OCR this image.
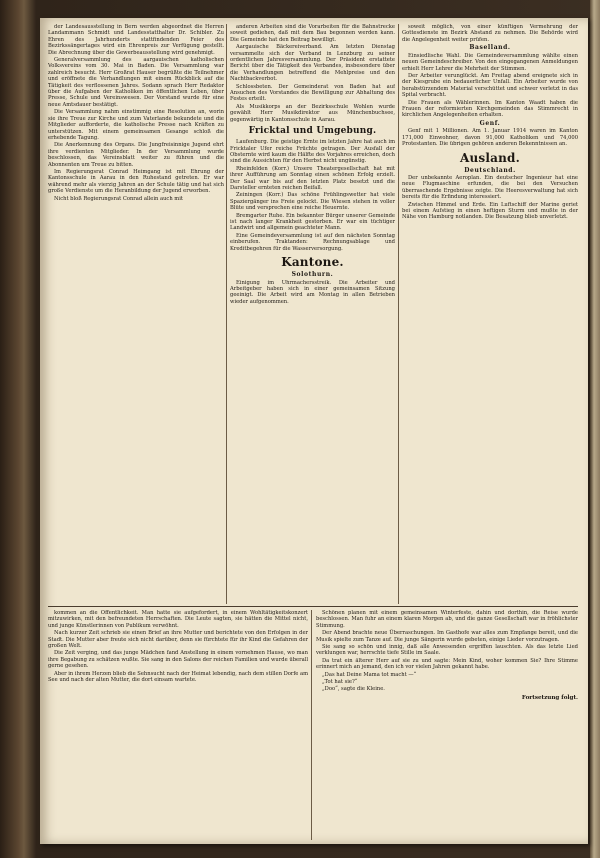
der Landesausstellung in Bern werden abgeordnet die Herren Landammann Schmidt und Landesstatthalter Dr. Schibler. Zu Ehren des Jahrhunderts stattfindenden Feier des Bezirkssängertages wird ein Ehrenpreis zur Verfügung gestellt. Die Abrechnung über die Gewerbeausstellung wird genehmigt.

Generalversammlung des aargauischen katholischen Volksvereins vom 30. Mai in Baden. Die Versammlung war zahlreich besucht. Herr Großrat Hauser begrüßte die Teilnehmer und eröffnete die Verhandlungen mit einem Rückblick auf die Tätigkeit des verflossenen Jahres. Sodann sprach Herr Redaktor über die Aufgaben der Katholiken im öffentlichen Leben, über Presse, Schule und Vereinswesen. Der Vorstand wurde für eine neue Amtsdauer bestätigt.

Die Versammlung nahm einstimmig eine Resolution an, worin sie ihre Treue zur Kirche und zum Vaterlande bekundete und die Mitglieder aufforderte, die katholische Presse nach Kräften zu unterstützen. Mit einem gemeinsamen Gesange schloß die erhebende Tagung.

Die Anerkennung des Organs. Die Jungfreisinnige Jugend ehrt ihre verdienten Mitglieder. In der Versammlung wurde beschlossen, das Vereinsblatt weiter zu führen und die Abonnenten um Treue zu bitten.

Im Regierungsrat Conrad Heimgang ist mit Ehrung der Kantonsschule in Aarau in den Ruhestand getreten. Er war während mehr als vierzig Jahren an der Schule tätig und hat sich große Verdienste um die Heranbildung der Jugend erworben.

Nicht bloß Regierungsrat Conrad allein auch mit

anderen Arbeiten sind die Vorarbeiten für die Bahnstrecke soweit gediehen, daß mit dem Bau begonnen werden kann. Die Gemeinde hat den Beitrag bewilligt.

Aargauische Bäckereiverband. Am letzten Dienstag versammelte sich der Verband in Lenzburg zu seiner ordentlichen Jahresversammlung. Der Präsident erstattete Bericht über die Tätigkeit des Verbandes, insbesondere über die Verhandlungen betreffend die Mehlpreise und den Nachtbackverbot.

Schlossbeten. Der Gemeinderat von Baden hat auf Ansuchen des Vorstandes die Bewilligung zur Abhaltung des Festes erteilt.

Als Musikkorps an der Bezirksschule Wohlen wurde gewählt Herr Musikdirektor aus Münchenbuchsee, gegenwärtig in Kantonsschule in Aarau.

Fricktal und Umgebung.

Laufenburg. Die geistige Ernte im letzten Jahre hat auch im Fricktaler Ufer reiche Früchte getragen. Der Ausfall der Obsternte wird kaum die Hälfte des Vorjahres erreichen, doch sind die Aussichten für den Herbst nicht ungünstig.

Rheinfelden (Korr.) Unsere Theatergesellschaft hat mit ihrer Aufführung am Sonntag einen schönen Erfolg erzielt. Der Saal war bis auf den letzten Platz besetzt und die Darsteller ernteten reichen Beifall.

Zeiningen (Korr.) Das schöne Frühlingswetter hat viele Spaziergänger ins Freie gelockt. Die Wiesen stehen in voller Blüte und versprechen eine reiche Heuernte.

Bremgarter Ruhe. Ein bekannter Bürger unserer Gemeinde ist nach langer Krankheit gestorben. Er war ein tüchtiger Landwirt und allgemein geachteter Mann.

Eine Gemeindeversammlung ist auf den nächsten Sonntag einberufen. Traktanden: Rechnungsablage und Kreditbegehren für die Wasserversorgung.

Kantone.
Solothurn.

Einigung im Uhrmachersstreik. Die Arbeiter und Arbeitgeber haben sich in einer gemeinsamen Sitzung geeinigt. Die Arbeit wird am Montag in allen Betrieben wieder aufgenommen.

soweit möglich, von einer künftigen Vermehrung der Gottesdienste im Bezirk Abstand zu nehmen. Die Behörde wird die Angelegenheit weiter prüfen.

Baselland.

Einsiedlische Wahl. Die Gemeindeversammlung wählte einen neuen Gemeindeschreiber. Von den eingegangenen Anmeldungen erhielt Herr Lehrer die Mehrheit der Stimmen.

Der Arbeiter verunglückt. Am Freitag abend ereignete sich in der Kiesgrube ein bedauerlicher Unfall. Ein Arbeiter wurde von herabstürzendem Material verschüttet und schwer verletzt in das Spital verbracht.

Die Frauen als Wählerinnen. Im Kanton Waadt haben die Frauen der reformierten Kirchgemeinden das Stimmrecht in kirchlichen Angelegenheiten erhalten.

Genf.

Genf mit 1 Millionen. Am 1. Januar 1914 waren im Kanton 171,000 Einwohner, davon 91,000 Katholiken und 74,000 Protestanten. Die übrigen gehören anderen Bekenntnissen an.

Ausland.
Deutschland.

Der unbekannte Aeroplan. Ein deutscher Ingenieur hat eine neue Flugmaschine erfunden, die bei den Versuchen überraschende Ergebnisse zeigte. Die Heeresverwaltung hat sich bereits für die Erfindung interessiert.

Zwischen Himmel und Erde. Ein Luftschiff der Marine geriet bei einem Aufstieg in einen heftigen Sturm und mußte in der Nähe von Hamburg notlanden. Die Besatzung blieb unverletzt.

kommen an die Öffentlichkeit. Man hatte sie aufgefordert, in einem Wohltätigkeitskonzert mitzuwirken, mit den befreundeten Herrschaften. Die Leute sagten, sie hätten die Mittel nicht, und junge Künstlerinnen von Publikum verwöhnt.

Nach kurzer Zeit schrieb sie einen Brief an ihre Mutter und berichtete von den Erfolgen in der Stadt. Die Mutter aber freute sich nicht darüber, denn sie fürchtete für ihr Kind die Gefahren der großen Welt.

Die Zeit verging, und das junge Mädchen fand Anstellung in einem vornehmen Hause, wo man ihre Begabung zu schätzen wußte. Sie sang in den Salons der reichen Familien und wurde überall gerne gesehen.

Aber in ihrem Herzen blieb die Sehnsucht nach der Heimat lebendig, nach dem stillen Dorfe am See und nach der alten Mutter, die dort einsam wartete.

Schönen planen mit einem gemeinsamen Winterfeste, dahin und dorthin, die Reise wurde beschlossen. Man fuhr an einem klaren Morgen ab, und die ganze Gesellschaft war in fröhlichster Stimmung.

Der Abend brachte neue Überraschungen. Im Gasthofe war alles zum Empfange bereit, und die Musik spielte zum Tanze auf. Die junge Sängerin wurde gebeten, einige Lieder vorzutragen.

Sie sang so schön und innig, daß alle Anwesenden ergriffen lauschten. Als das letzte Lied verklungen war, herrschte tiefe Stille im Saale.

Da trat ein älterer Herr auf sie zu und sagte: Mein Kind, woher kommen Sie? Ihre Stimme erinnert mich an jemand, den ich vor vielen Jahren gekannt habe.

„Das hat Deine Mama tot macht —“

„Tot hat sie?“

„Doo“, sagte die Kleine.

Fortsetzung folgt.
